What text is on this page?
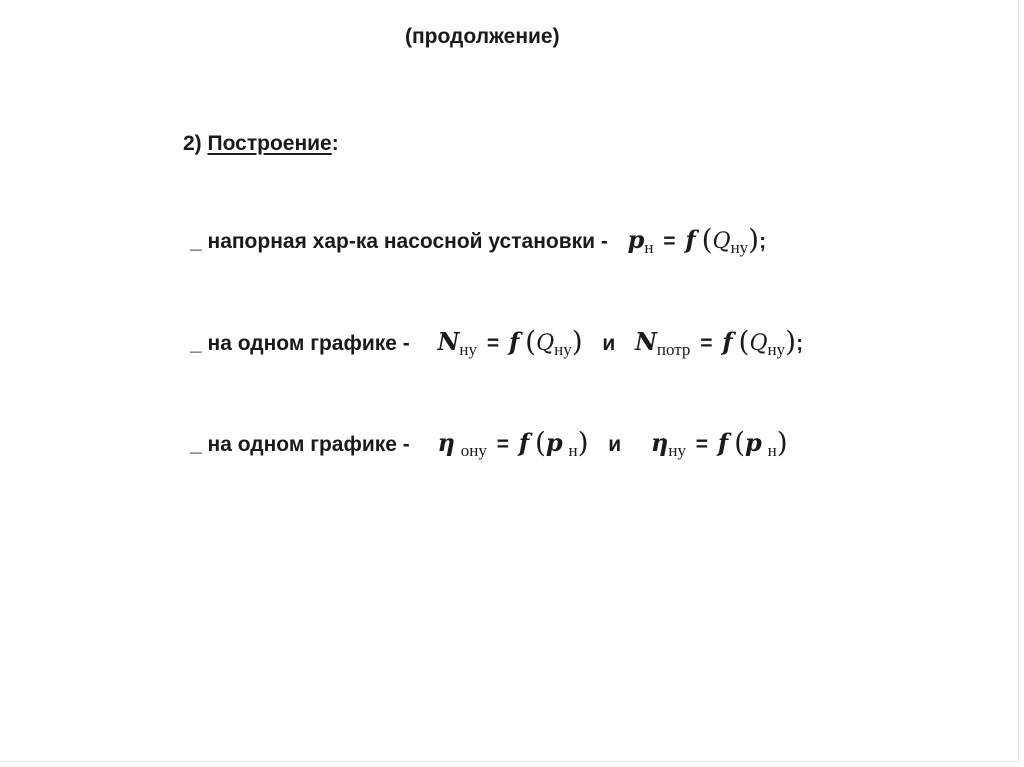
(продолжение)
2) Построение:
_ напорная хар-ка насосной установки - $p_н = f$ $(Q_{ну})$;
_ на одном графике - $N_{ну} = f$ $(Q_{ну})$ и $N_{потр} = f$ $(Q_{ну})$;
_ на одном графике - η $_{ону}$ = f (p $_н$) и $\eta_{ну} = f$ (p $_н$)
